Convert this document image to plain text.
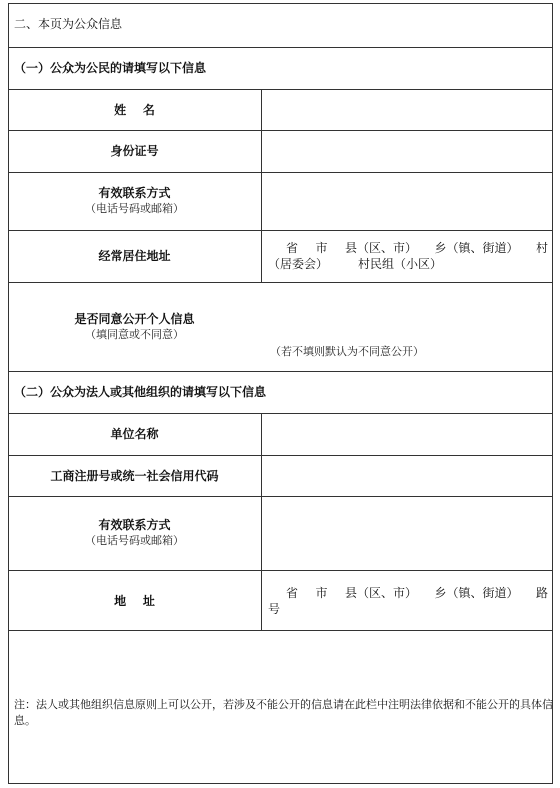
二、本页为公众信息
（一）公众为公民的请填写以下信息
姓    名
身份证号
有效联系方式
（电话号码或邮箱）
经常居住地址
省 市 县（区、市） 乡（镇、街道） 村
（居委会）	村民组（小区）
是否同意公开个人信息
（填同意或不同意）
（若不填则默认为不同意公开）
（二）公众为法人或其他组织的请填写以下信息
单位名称
工商注册号或统一社会信用代码
有效联系方式
（电话号码或邮箱）
地    址
省 市 县（区、市） 乡（镇、街道） 路
号
注：法人或其他组织信息原则上可以公开，若涉及不能公开的信息请在此栏中注明法律依据和不能公开的具体信息。
